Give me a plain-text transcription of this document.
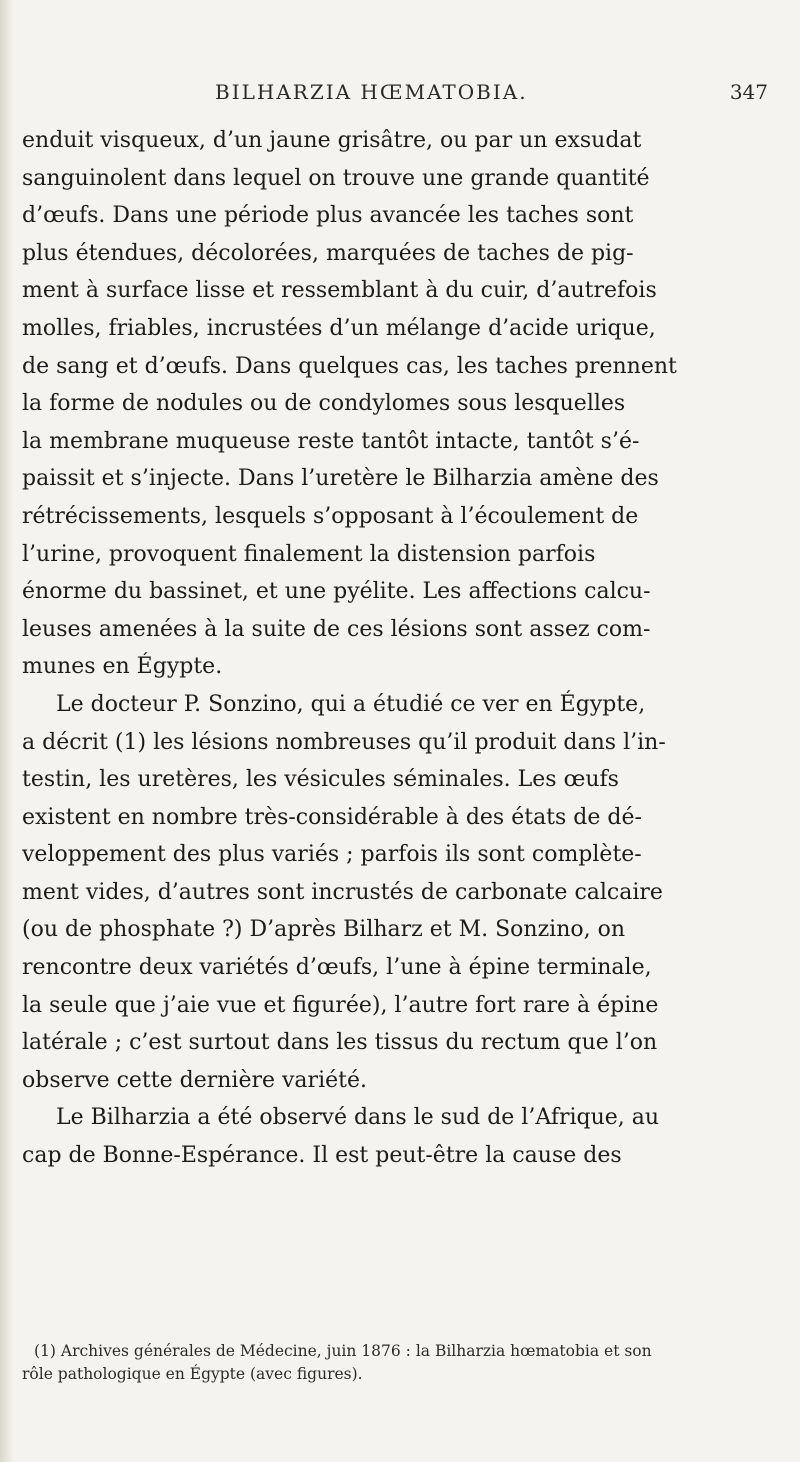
BILHARZIA HŒMATOBIA.	347
enduit visqueux, d’un jaune grisâtre, ou par un exsudat
sanguinolent dans lequel on trouve une grande quantité
d’œufs. Dans une période plus avancée les taches sont
plus étendues, décolorées, marquées de taches de pig-
ment à surface lisse et ressemblant à du cuir, d’autrefois
molles, friables, incrustées d’un mélange d’acide urique,
de sang et d’œufs. Dans quelques cas, les taches prennent
la forme de nodules ou de condylomes sous lesquelles
la membrane muqueuse reste tantôt intacte, tantôt s’é-
paissit et s’injecte. Dans l’uretère le Bilharzia amène des
rétrécissements, lesquels s’opposant à l’écoulement de
l’urine, provoquent finalement la distension parfois
énorme du bassinet, et une pyélite. Les affections calcu-
leuses amenées à la suite de ces lésions sont assez com-
munes en Égypte.
Le docteur P. Sonzino, qui a étudié ce ver en Égypte,
a décrit (1) les lésions nombreuses qu’il produit dans l’in-
testin, les uretères, les vésicules séminales. Les œufs
existent en nombre très-considérable à des états de dé-
veloppement des plus variés ; parfois ils sont complète-
ment vides, d’autres sont incrustés de carbonate calcaire
(ou de phosphate ?) D’après Bilharz et M. Sonzino, on
rencontre deux variétés d’œufs, l’une à épine terminale,
la seule que j’aie vue et figurée), l’autre fort rare à épine
latérale ; c’est surtout dans les tissus du rectum que l’on
observe cette dernière variété.
Le Bilharzia a été observé dans le sud de l’Afrique, au
cap de Bonne-Espérance. Il est peut-être la cause des
(1) Archives générales de Médecine, juin 1876 : la Bilharzia hœmatobia et son
rôle pathologique en Égypte (avec figures).
